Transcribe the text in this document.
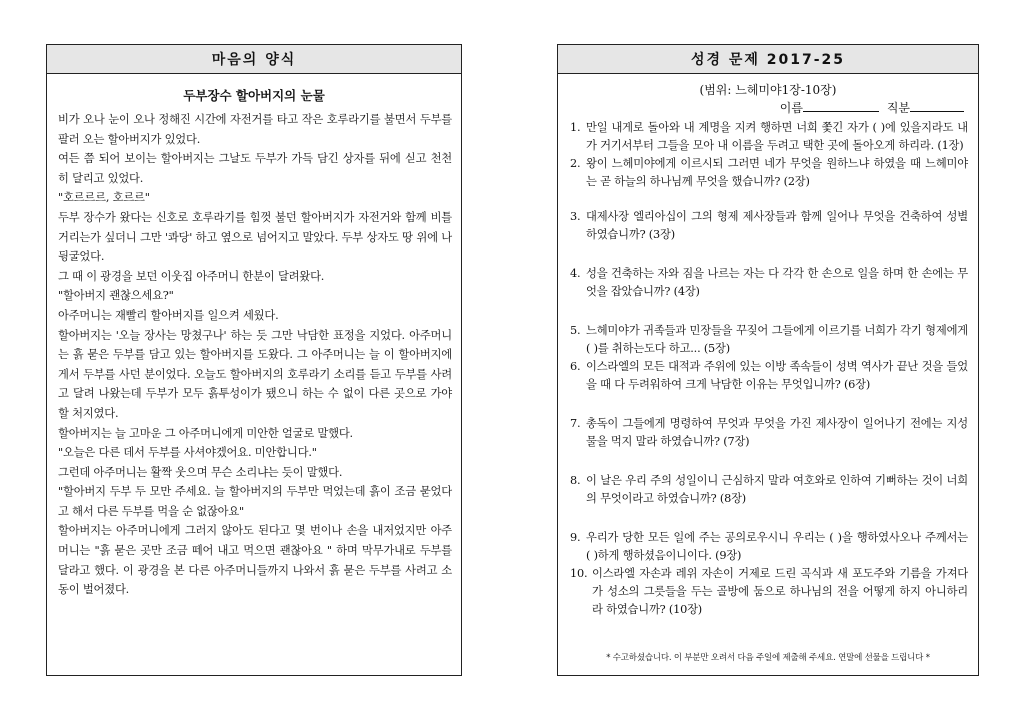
마음의 양식
두부장수 할아버지의 눈물

비가 오나 눈이 오나 정해진 시간에 자전거를 타고 작은 호루라기를 불면서 두부를 팔러 오는 할아버지가 있었다.

여든 쯤 되어 보이는 할아버지는 그날도 두부가 가득 담긴 상자를 뒤에 싣고 천천히 달리고 있었다.

"호르르르, 호르르"

두부 장수가 왔다는 신호로 호루라기를 힘껏 불던 할아버지가 자전거와 함께 비틀거리는가 싶더니 그만 '콰당' 하고 옆으로 넘어지고 말았다. 두부 상자도 땅 위에 나뒹굴었다.

그 때 이 광경을 보던 이웃집 아주머니 한분이 달려왔다.

"할아버지 괜찮으세요?"

아주머니는 재빨리 할아버지를 일으켜 세웠다.

할아버지는 '오늘 장사는 망쳤구나' 하는 듯 그만 낙담한 표정을 지었다. 아주머니는 흙 묻은 두부를 담고 있는 할아버지를 도왔다. 그 아주머니는 늘 이 할아버지에게서 두부를 사던 분이었다. 오늘도 할아버지의 호루라기 소리를 듣고 두부를 사려고 달려 나왔는데 두부가 모두 흙투성이가 됐으니 하는 수 없이 다른 곳으로 가야 할 처지였다.

할아버지는 늘 고마운 그 아주머니에게 미안한 얼굴로 말했다.

"오늘은 다른 데서 두부를 사셔야겠어요. 미안합니다."

그런데 아주머니는 활짝 웃으며 무슨 소리냐는 듯이 말했다.

"할아버지 두부 두 모만 주세요. 늘 할아버지의 두부만 먹었는데 흙이 조금 묻었다고 해서 다른 두부를 먹을 순 없잖아요"

할아버지는 아주머니에게 그러지 않아도 된다고 몇 번이나 손을 내저었지만 아주머니는 "흙 묻은 곳만 조금 떼어 내고 먹으면 괜찮아요 " 하며 막무가내로 두부를 달라고 했다. 이 광경을 본 다른 아주머니들까지 나와서 흙 묻은 두부를 사려고 소동이 벌어졌다.

성경 문제 2017-25
(범위: 느헤미야1장-10장)
이름	직분
1. 만일 내게로 돌아와 내 계명을 지켜 행하면 너희 쫓긴 자가 ( )에 있을지라도 내가 거기서부터 그들을 모아 내 이름을 두려고 택한 곳에 돌아오게 하리라. (1장)
2. 왕이 느헤미야에게 이르시되 그러면 네가 무엇을 원하느냐 하였을 때 느헤미야는 곧 하늘의 하나님께 무엇을 했습니까? (2장)
3. 대제사장 엘리아십이 그의 형제 제사장들과 함께 일어나 무엇을 건축하여 성별하였습니까? (3장)
4. 성을 건축하는 자와 짐을 나르는 자는 다 각각 한 손으로 일을 하며 한 손에는 무엇을 잡았습니까? (4장)
5. 느헤미야가 귀족들과 민장들을 꾸짖어 그들에게 이르기를 너희가 각기 형제에게 ( )를 취하는도다 하고... (5장)
6. 이스라엘의 모든 대적과 주위에 있는 이방 족속들이 성벽 역사가 끝난 것을 들었을 때 다 두려워하여 크게 낙담한 이유는 무엇입니까? (6장)
7. 총독이 그들에게 명령하여 무엇과 무엇을 가진 제사장이 일어나기 전에는 지성물을 먹지 말라 하였습니까? (7장)
8. 이 날은 우리 주의 성일이니 근심하지 말라 여호와로 인하여 기뻐하는 것이 너희의 무엇이라고 하였습니까? (8장)
9. 우리가 당한 모든 일에 주는 공의로우시니 우리는 ( )을 행하였사오나 주께서는 ( )하게 행하셨음이니이다. (9장)
10. 이스라엘 자손과 레위 자손이 거제로 드린 곡식과 새 포도주와 기름을 가져다가 성소의 그릇들을 두는 골방에 둠으로 하나님의 전을 어떻게 하지 아니하리라 하였습니까? (10장)
* 수고하셨습니다. 이 부분만 오려서 다음 주일에 제출해 주세요. 연말에 선물을 드립니다 *
